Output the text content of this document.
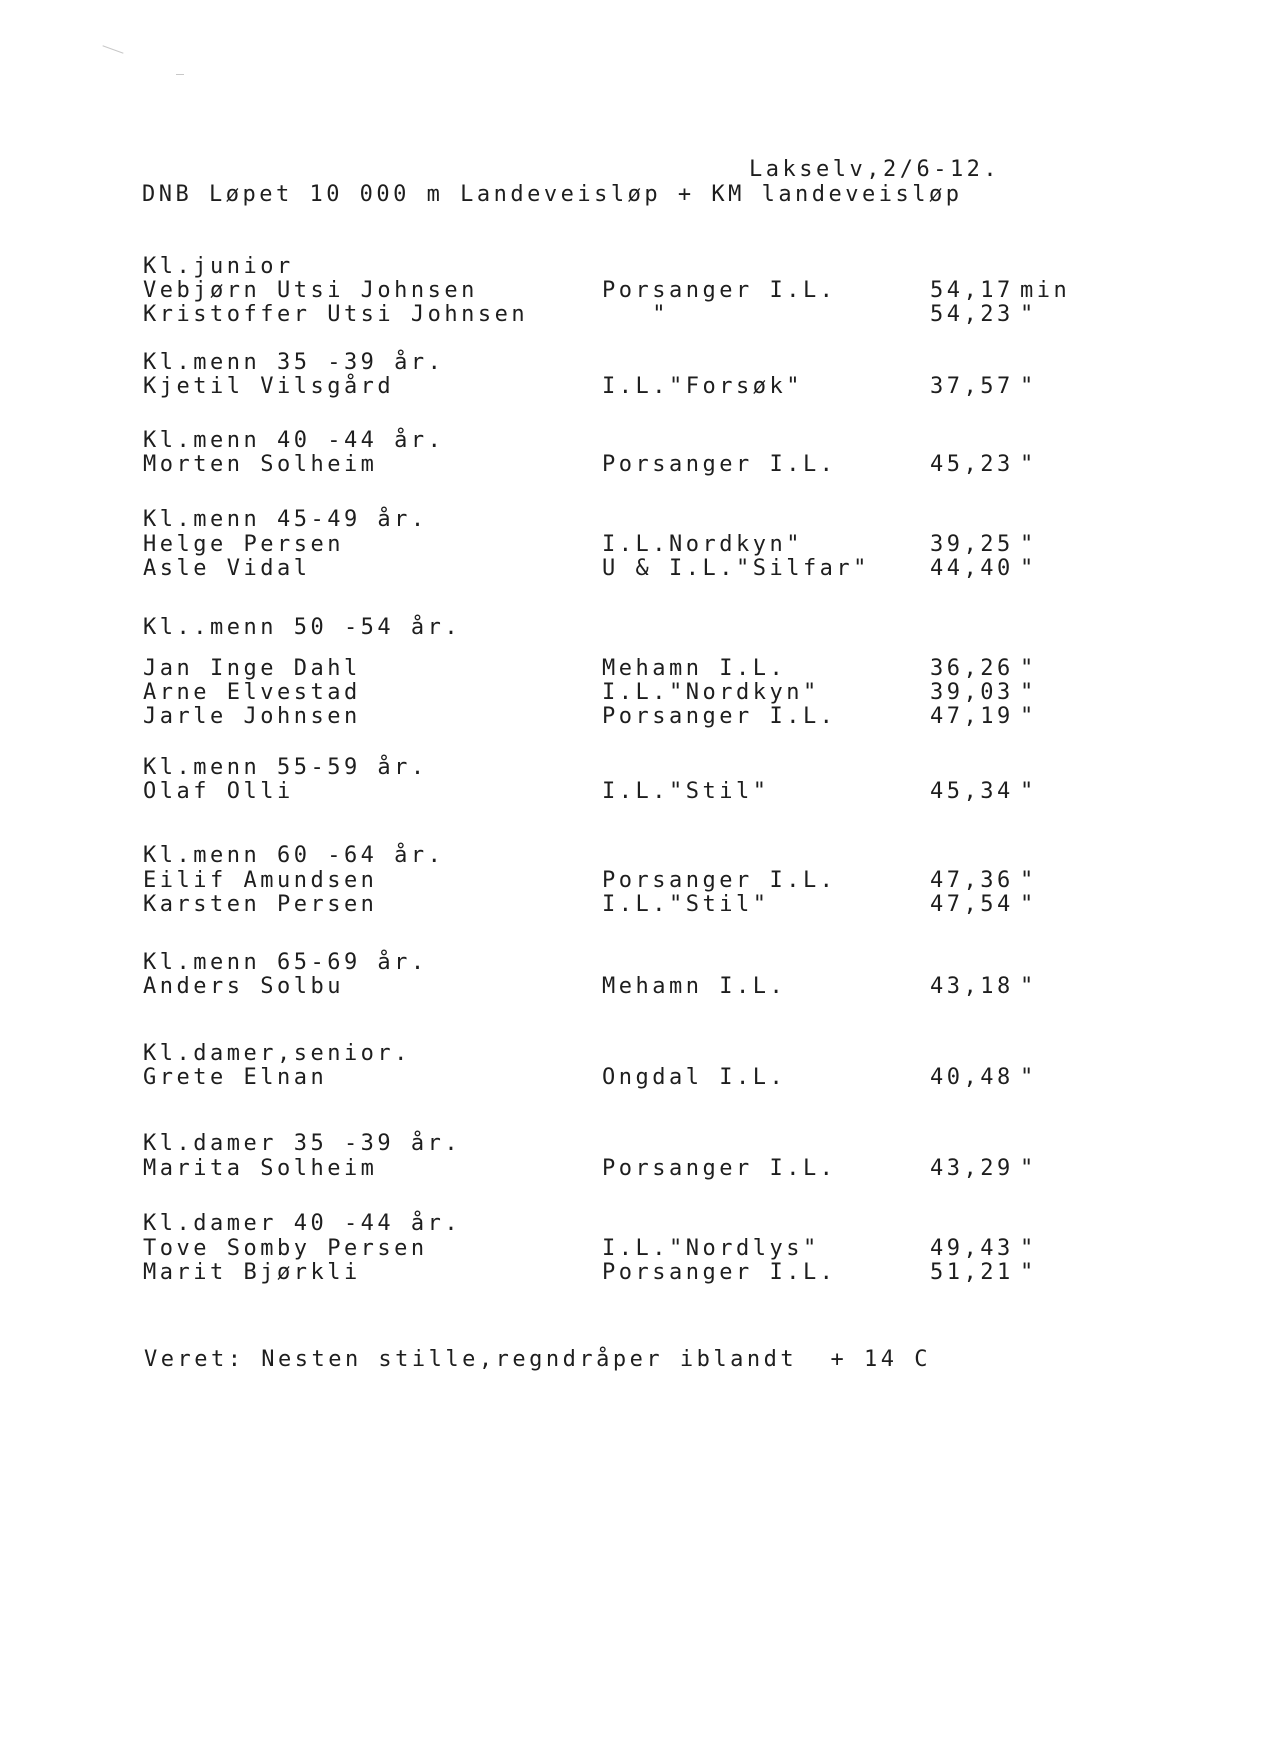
Lakselv,2/6-12.
DNB Løpet 10 000 m Landeveisløp + KM landeveisløp
Kl.junior
Vebjørn Utsi Johnsen	Porsanger I.L.	54,17 min
Kristoffer Utsi Johnsen	"	54,23 "
Kl.menn 35 -39 år.
Kjetil Vilsgård	I.L."Forsøk"	37,57 "
Kl.menn 40 -44 år.
Morten Solheim	Porsanger I.L.	45,23 "
Kl.menn 45-49 år.
Helge Persen	I.L.Nordkyn"	39,25 "
Asle Vidal	U & I.L."Silfar"	44,40 "
Kl..menn 50 -54 år.
Jan Inge Dahl	Mehamn I.L.	36,26 "
Arne Elvestad	I.L."Nordkyn"	39,03 "
Jarle Johnsen	Porsanger I.L.	47,19 "
Kl.menn 55-59 år.
Olaf Olli	I.L."Stil"	45,34 "
Kl.menn 60 -64 år.
Eilif Amundsen	Porsanger I.L.	47,36 "
Karsten Persen	I.L."Stil"	47,54 "
Kl.menn 65-69 år.
Anders Solbu	Mehamn I.L.	43,18 "
Kl.damer,senior.
Grete Elnan	Ongdal I.L.	40,48 "
Kl.damer 35 -39 år.
Marita Solheim	Porsanger I.L.	43,29 "
Kl.damer 40 -44 år.
Tove Somby Persen	I.L."Nordlys"	49,43 "
Marit Bjørkli	Porsanger I.L.	51,21 "
Veret: Nesten stille,regndråper iblandt  + 14 C
